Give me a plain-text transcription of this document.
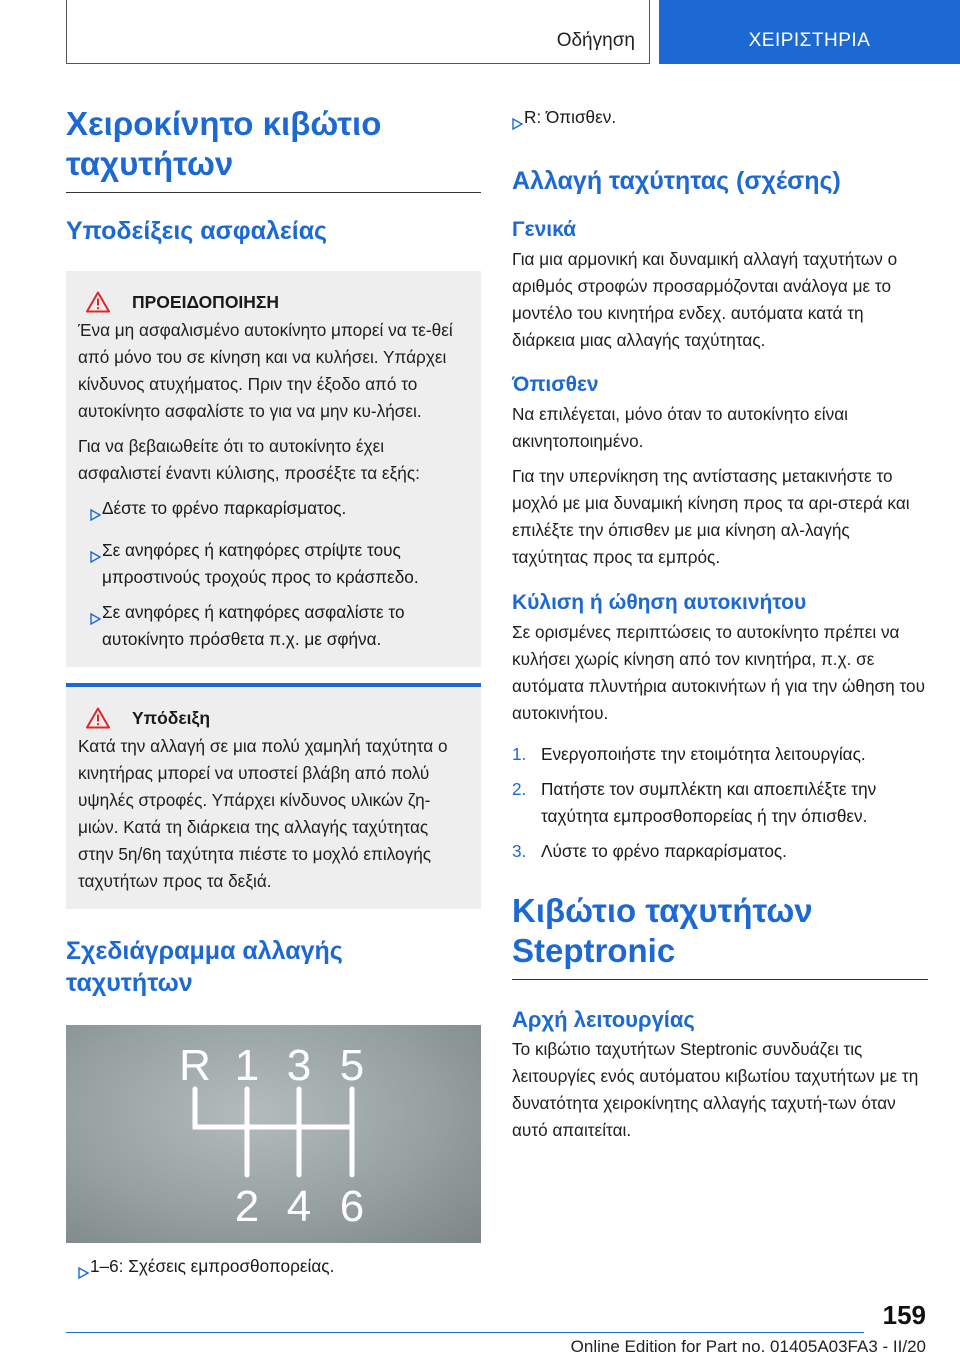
Οδήγηση	ΧΕΙΡΙΣΤΗΡΙΑ
Χειροκίνητο κιβώτιο ταχυτήτων
Υποδείξεις ασφαλείας
ΠΡΟΕΙΔΟΠΟΙΗΣΗ

Ένα μη ασφαλισμένο αυτοκίνητο μπορεί να τε-θεί από μόνο του σε κίνηση και να κυλήσει. Υπάρχει κίνδυνος ατυχήματος. Πριν την έξοδο από το αυτοκίνητο ασφαλίστε το για να μην κυ-λήσει.

Για να βεβαιωθείτε ότι το αυτοκίνητο έχει ασφαλιστεί έναντι κύλισης, προσέξτε τα εξής:

Δέστε το φρένο παρκαρίσματος.
Σε ανηφόρες ή κατηφόρες στρίψτε τους μπροστινούς τροχούς προς το κράσπεδο.
Σε ανηφόρες ή κατηφόρες ασφαλίστε το αυτοκίνητο πρόσθετα π.χ. με σφήνα.
Υπόδειξη

Κατά την αλλαγή σε μια πολύ χαμηλή ταχύτητα ο κινητήρας μπορεί να υποστεί βλάβη από πολύ υψηλές στροφές. Υπάρχει κίνδυνος υλικών ζη-μιών. Κατά τη διάρκεια της αλλαγής ταχύτητας στην 5η/6η ταχύτητα πιέστε το μοχλό επιλογής ταχυτήτων προς τα δεξιά.

Σχεδιάγραμμα αλλαγής ταχυτήτων
R 1 3 5
2 4 6
1–6: Σχέσεις εμπροσθοπορείας.
R: Όπισθεν.
Αλλαγή ταχύτητας (σχέσης)
Γενικά

Για μια αρμονική και δυναμική αλλαγή ταχυτήτων ο αριθμός στροφών προσαρμόζονται ανάλογα με το μοντέλο του κινητήρα ενδεχ. αυτόματα κατά τη διάρκεια μιας αλλαγής ταχύτητας.

Όπισθεν

Να επιλέγεται, μόνο όταν το αυτοκίνητο είναι ακινητοποιημένο.

Για την υπερνίκηση της αντίστασης μετακινήστε το μοχλό με μια δυναμική κίνηση προς τα αρι-στερά και επιλέξτε την όπισθεν με μια κίνηση αλ-λαγής ταχύτητας προς τα εμπρός.

Κύλιση ή ώθηση αυτοκινήτου

Σε ορισμένες περιπτώσεις το αυτοκίνητο πρέπει να κυλήσει χωρίς κίνηση από τον κινητήρα, π.χ. σε αυτόματα πλυντήρια αυτοκινήτων ή για την ώθηση του αυτοκινήτου.

1. Ενεργοποιήστε την ετοιμότητα λειτουργίας.
2. Πατήστε τον συμπλέκτη και αποεπιλέξτε την ταχύτητα εμπροσθοπορείας ή την όπισθεν.
3. Λύστε το φρένο παρκαρίσματος.
Κιβώτιο ταχυτήτων Steptronic
Αρχή λειτουργίας

Το κιβώτιο ταχυτήτων Steptronic συνδυάζει τις λειτουργίες ενός αυτόματου κιβωτίου ταχυτήτων με τη δυνατότητα χειροκίνητης αλλαγής ταχυτή-των όταν αυτό απαιτείται.

159
Online Edition for Part no. 01405A03FA3 - II/20
